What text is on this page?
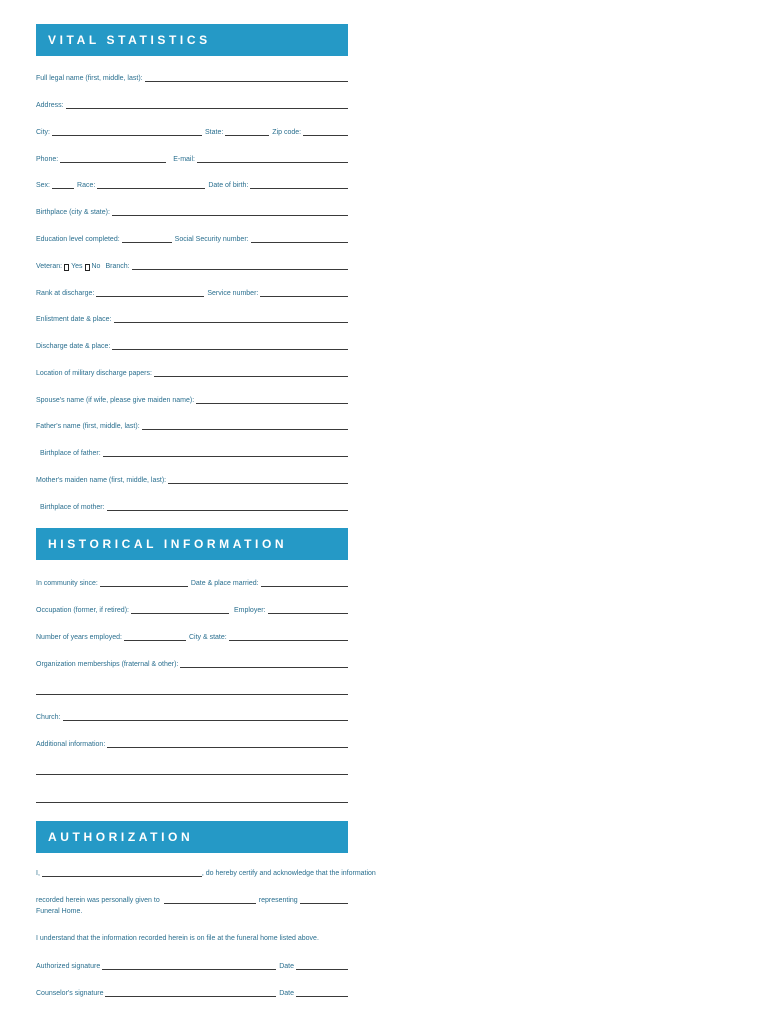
VITAL STATISTICS
Full legal name (first, middle, last):
Address:
City:	State:	Zip code:
Phone:	E-mail:
Sex:	Race:	Date of birth:
Birthplace (city & state):
Education level completed:	Social Security number:
Veteran: Yes No Branch:
Rank at discharge:	Service number:
Enlistment date & place:
Discharge date & place:
Location of military discharge papers:
Spouse's name (if wife, please give maiden name):
Father's name (first, middle, last):
Birthplace of father:
Mother's maiden name (first, middle, last):
Birthplace of mother:
HISTORICAL INFORMATION
In community since:	Date & place married:
Occupation (former, if retired):	Employer:
Number of years employed:	City & state:
Organization memberships (fraternal & other):
Church:
Additional information:
AUTHORIZATION
I,	, do hereby certify and acknowledge that the information
recorded herein was personally given to	representing
Funeral Home.
I understand that the information recorded herein is on file at the funeral home listed above.
Authorized signature	Date
Counselor's signature	Date
